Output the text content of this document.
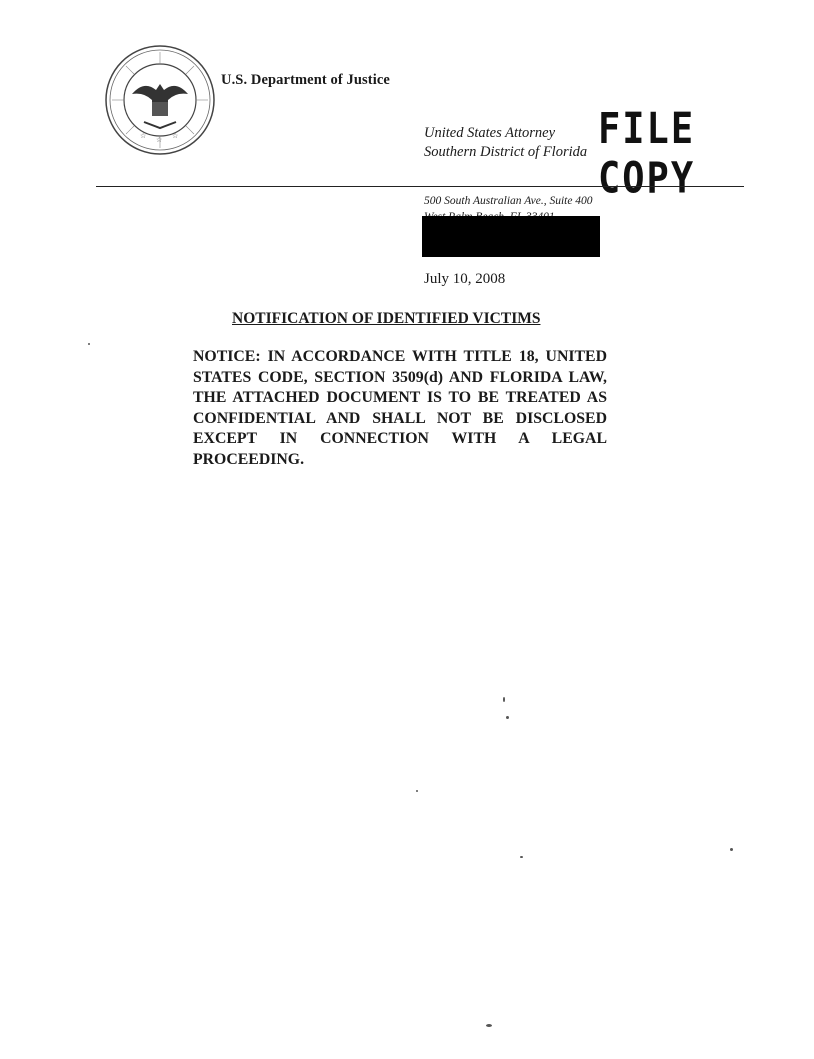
☆ ☆ ☆
U.S. Department of Justice
United States Attorney
Southern District of Florida FILE COPY
500 South Australian Ave., Suite 400
July 10, 2008
NOTIFICATION OF IDENTIFIED VICTIMS
NOTICE: IN ACCORDANCE WITH TITLE 18, UNITED STATES CODE, SECTION 3509(d) AND FLORIDA LAW, THE ATTACHED DOCUMENT IS TO BE TREATED AS CONFIDENTIAL AND SHALL NOT BE DISCLOSED EXCEPT IN CONNECTION WITH A LEGAL PROCEEDING.
